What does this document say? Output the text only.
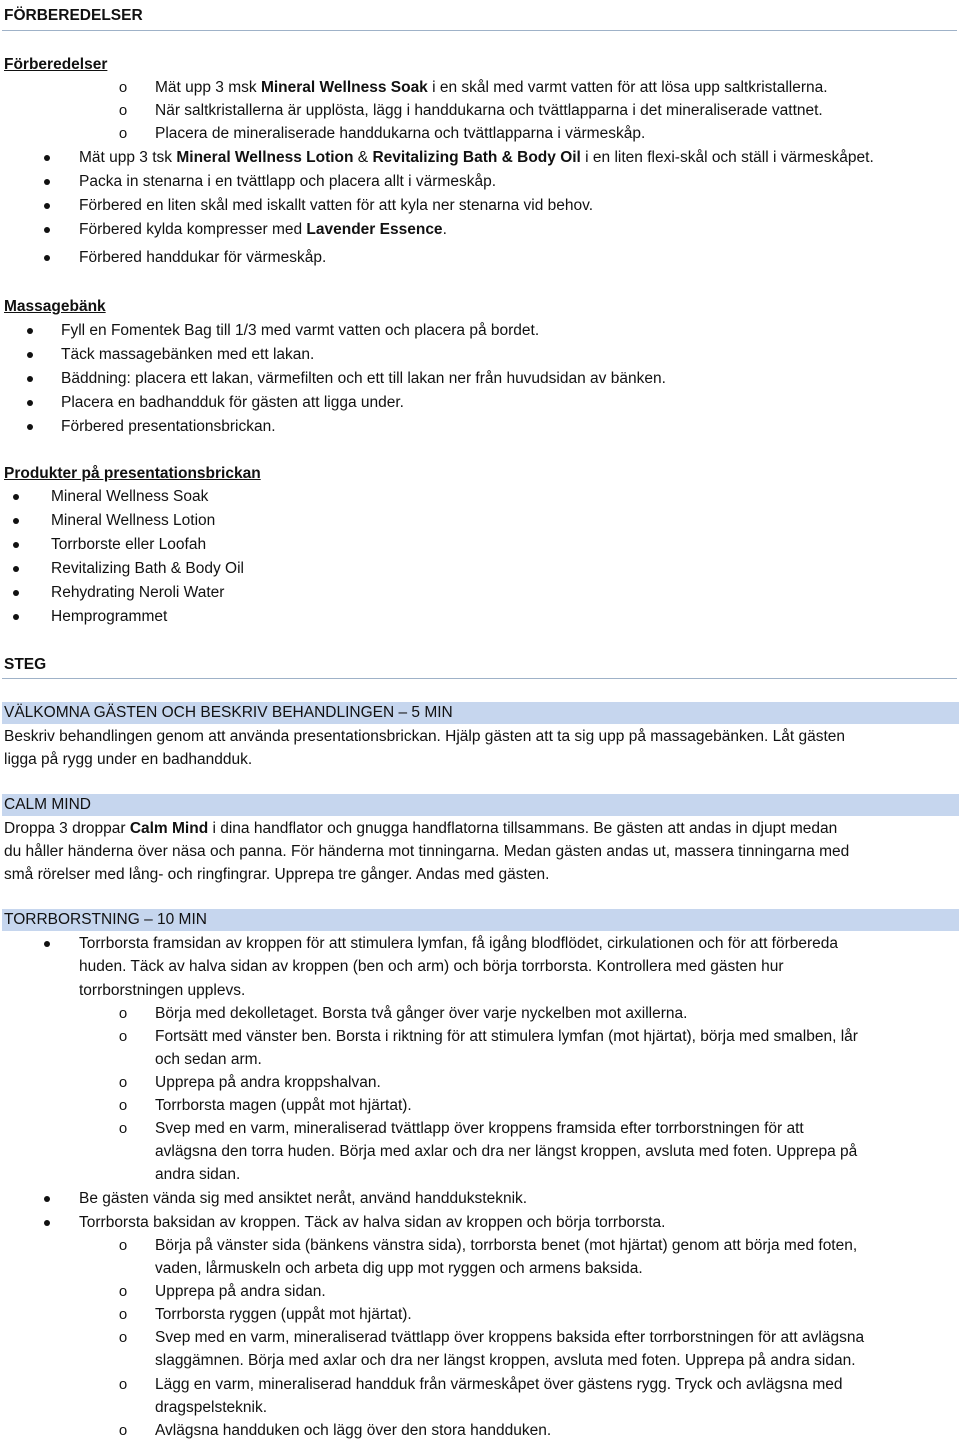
FÖRBEREDELSER
Förberedelser
o Mät upp 3 msk Mineral Wellness Soak i en skål med varmt vatten för att lösa upp saltkristallerna.
o När saltkristallerna är upplösta, lägg i handdukarna och tvättlapparna i det mineraliserade vattnet.
o Placera de mineraliserade handdukarna och tvättlapparna i värmeskåp.
Mät upp 3 tsk Mineral Wellness Lotion & Revitalizing Bath & Body Oil i en liten flexi-skål och ställ i värmeskåpet.
Packa in stenarna i en tvättlapp och placera allt i värmeskåp.
Förbered en liten skål med iskallt vatten för att kyla ner stenarna vid behov.
Förbered kylda kompresser med Lavender Essence.
Förbered handdukar för värmeskåp.
Massagebänk
Fyll en Fomentek Bag till 1/3 med varmt vatten och placera på bordet.
Täck massagebänken med ett lakan.
Bäddning: placera ett lakan, värmefilten och ett till lakan ner från huvudsidan av bänken.
Placera en badhandduk för gästen att ligga under.
Förbered presentationsbrickan.
Produkter på presentationsbrickan
Mineral Wellness Soak
Mineral Wellness Lotion
Torrborste eller Loofah
Revitalizing Bath & Body Oil
Rehydrating Neroli Water
Hemprogrammet
STEG
VÄLKOMNA GÄSTEN OCH BESKRIV BEHANDLINGEN – 5 MIN
Beskriv behandlingen genom att använda presentationsbrickan. Hjälp gästen att ta sig upp på massagebänken. Låt gästen
ligga på rygg under en badhandduk.
CALM MIND
Droppa 3 droppar Calm Mind i dina handflator och gnugga handflatorna tillsammans. Be gästen att andas in djupt medan
du håller händerna över näsa och panna. För händerna mot tinningarna. Medan gästen andas ut, massera tinningarna med
små rörelser med lång- och ringfingrar. Upprepa tre gånger. Andas med gästen.
TORRBORSTNING – 10 MIN
Torrborsta framsidan av kroppen för att stimulera lymfan, få igång blodflödet, cirkulationen och för att förbereda
huden. Täck av halva sidan av kroppen (ben och arm) och börja torrborsta. Kontrollera med gästen hur
torrborstningen upplevs.
o Börja med dekolletaget. Borsta två gånger över varje nyckelben mot axillerna.
o Fortsätt med vänster ben. Borsta i riktning för att stimulera lymfan (mot hjärtat), börja med smalben, lår
och sedan arm.
o Upprepa på andra kroppshalvan.
o Torrborsta magen (uppåt mot hjärtat).
o Svep med en varm, mineraliserad tvättlapp över kroppens framsida efter torrborstningen för att
avlägsna den torra huden. Börja med axlar och dra ner längst kroppen, avsluta med foten. Upprepa på
andra sidan.
Be gästen vända sig med ansiktet neråt, använd handduksteknik.
Torrborsta baksidan av kroppen. Täck av halva sidan av kroppen och börja torrborsta.
o Börja på vänster sida (bänkens vänstra sida), torrborsta benet (mot hjärtat) genom att börja med foten,
vaden, lårmuskeln och arbeta dig upp mot ryggen och armens baksida.
o Upprepa på andra sidan.
o Torrborsta ryggen (uppåt mot hjärtat).
o Svep med en varm, mineraliserad tvättlapp över kroppens baksida efter torrborstningen för att avlägsna
slaggämnen. Börja med axlar och dra ner längst kroppen, avsluta med foten. Upprepa på andra sidan.
o Lägg en varm, mineraliserad handduk från värmeskåpet över gästens rygg. Tryck och avlägsna med
dragspelsteknik.
o Avlägsna handduken och lägg över den stora handduken.
